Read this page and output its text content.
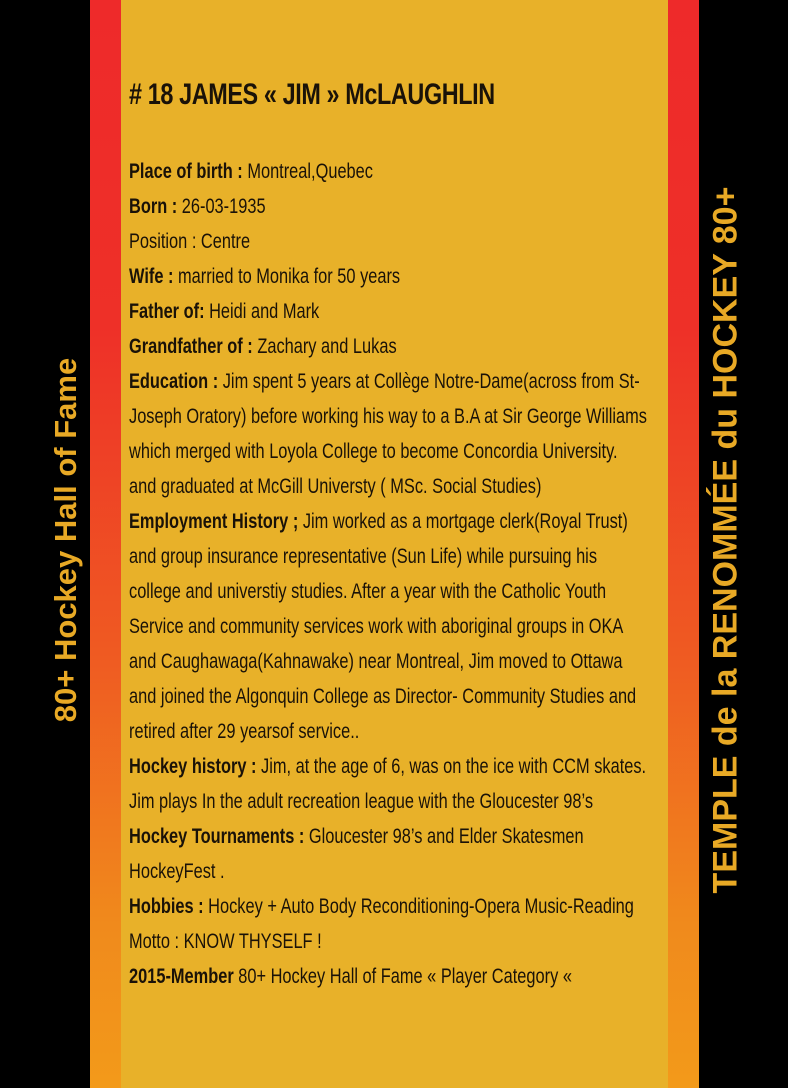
80+ Hockey Hall of Fame	TEMPLE de la RENOMMÉE du HOCKEY 80+
# 18 JAMES « JIM » McLAUGHLIN
Place of birth : Montreal,Quebec
Born : 26-03-1935
Position : Centre
Wife : married to Monika for 50 years
Father of: Heidi and Mark
Grandfather of : Zachary and Lukas
Education : Jim spent 5 years at Collège Notre-Dame(across from St-
Joseph Oratory) before working his way to a B.A at Sir George Williams
which merged with Loyola College to become Concordia University.
and graduated at McGill Universty ( MSc. Social Studies)
Employment History ; Jim worked as a mortgage clerk(Royal Trust)
and group insurance representative (Sun Life) while pursuing his
college and universtiy studies. After a year with the Catholic Youth
Service and community services work with aboriginal groups in OKA
and Caughawaga(Kahnawake) near Montreal, Jim moved to Ottawa
and joined the Algonquin College as Director- Community Studies and
retired after 29 yearsof service..
Hockey history : Jim, at the age of 6, was on the ice with CCM skates.
Jim plays In the adult recreation league with the Gloucester 98’s
Hockey Tournaments : Gloucester 98’s and Elder Skatesmen
HockeyFest .
Hobbies : Hockey + Auto Body Reconditioning-Opera Music-Reading
Motto : KNOW THYSELF !
2015-Member 80+ Hockey Hall of Fame « Player Category «
